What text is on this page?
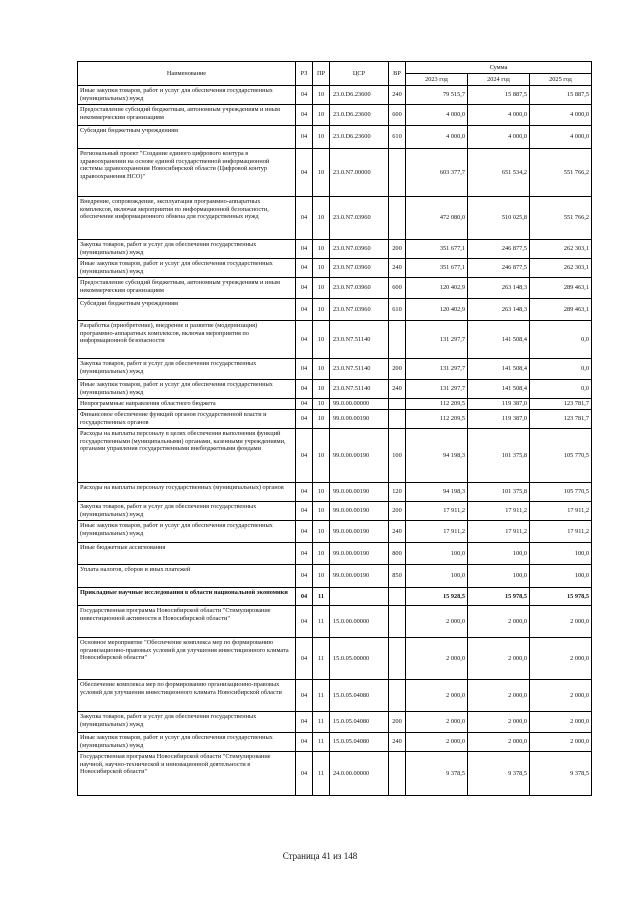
Наименование	РЗ	ПР	ЦСР	ВР	Сумма		
					2023 год	2024 год	2025 год
Иные закупки товаров, работ и услуг для обеспечения государственных (муниципальных) нужд	04	10	23.0.D6.23600	240	79 515,7	15 887,5	15 887,5
Предоставление субсидий бюджетным, автономным учреждениям и иным некоммерческим организациям	04	10	23.0.D6.23600	600	4 000,0	4 000,0	4 000,0
Субсидии бюджетным учреждениям	04	10	23.0.D6.23600	610	4 000,0	4 000,0	4 000,0
Региональный проект "Создание единого цифрового контура в здравоохранении на основе единой государственной информационной системы здравоохранения Новосибирской области (Цифровой контур здравоохранения НСО)"	04	10	23.0.N7.00000		603 377,7	651 534,2	551 766,2
Внедрение, сопровождение, эксплуатация программно-аппаратных комплексов, включая мероприятия по информационной безопасности, обеспечение информационного обмена для государственных нужд	04	10	23.0.N7.03960		472 080,0	510 025,8	551 766,2
Закупка товаров, работ и услуг для обеспечения государственных (муниципальных) нужд	04	10	23.0.N7.03960	200	351 677,1	246 877,5	262 303,1
Иные закупки товаров, работ и услуг для обеспечения государственных (муниципальных) нужд	04	10	23.0.N7.03960	240	351 677,1	246 877,5	262 303,1
Предоставление субсидий бюджетным, автономным учреждениям и иным некоммерческим организациям	04	10	23.0.N7.03960	600	120 402,9	263 148,3	289 463,1
Субсидии бюджетным учреждениям	04	10	23.0.N7.03960	610	120 402,9	263 148,3	289 463,1
Разработка (приобретение), внедрение и развитие (модернизация) программно-аппаратных комплексов, включая мероприятия по информационной безопасности	04	10	23.0.N7.51140		131 297,7	141 508,4	0,0
Закупка товаров, работ и услуг для обеспечения государственных (муниципальных) нужд	04	10	23.0.N7.51140	200	131 297,7	141 508,4	0,0
Иные закупки товаров, работ и услуг для обеспечения государственных (муниципальных) нужд	04	10	23.0.N7.51140	240	131 297,7	141 508,4	0,0
Непрограммные направления областного бюджета	04	10	99.0.00.00000		112 209,5	119 387,0	123 781,7
Финансовое обеспечение функций органов государственной власти и государственных органов	04	10	99.0.00.00190		112 209,5	119 387,0	123 781,7
Расходы на выплаты персоналу в целях обеспечения выполнения функций государственными (муниципальными) органами, казенными учреждениями, органами управления государственными внебюджетными фондами	04	10	99.0.00.00190	100	94 198,3	101 375,8	105 770,5
Расходы на выплаты персоналу государственных (муниципальных) органов	04	10	99.0.00.00190	120	94 198,3	101 375,8	105 770,5
Закупка товаров, работ и услуг для обеспечения государственных (муниципальных) нужд	04	10	99.0.00.00190	200	17 911,2	17 911,2	17 911,2
Иные закупки товаров, работ и услуг для обеспечения государственных (муниципальных) нужд	04	10	99.0.00.00190	240	17 911,2	17 911,2	17 911,2
Иные бюджетные ассигнования	04	10	99.0.00.00190	800	100,0	100,0	100,0
Уплата налогов, сборов и иных платежей	04	10	99.0.00.00190	850	100,0	100,0	100,0
Прикладные научные исследования в области национальной экономики	04	11			15 928,5	15 978,5	15 978,5
Государственная программа Новосибирской области "Стимулирование инвестиционной активности в Новосибирской области"	04	11	15.0.00.00000		2 000,0	2 000,0	2 000,0
Основное мероприятие "Обеспечение комплекса мер по формированию организационно-правовых условий для улучшения инвестиционного климата Новосибирской области"	04	11	15.0.05.00000		2 000,0	2 000,0	2 000,0
Обеспечение комплекса мер по формированию организационно-правовых условий для улучшения инвестиционного климата Новосибирской области	04	11	15.0.05.04080		2 000,0	2 000,0	2 000,0
Закупка товаров, работ и услуг для обеспечения государственных (муниципальных) нужд	04	11	15.0.05.04080	200	2 000,0	2 000,0	2 000,0
Иные закупки товаров, работ и услуг для обеспечения государственных (муниципальных) нужд	04	11	15.0.05.04080	240	2 000,0	2 000,0	2 000,0
Государственная программа Новосибирской области "Стимулирование научной, научно-технической и инновационной деятельности в Новосибирской области"	04	11	24.0.00.00000		9 378,5	9 378,5	9 378,5
Страница 41 из 148
